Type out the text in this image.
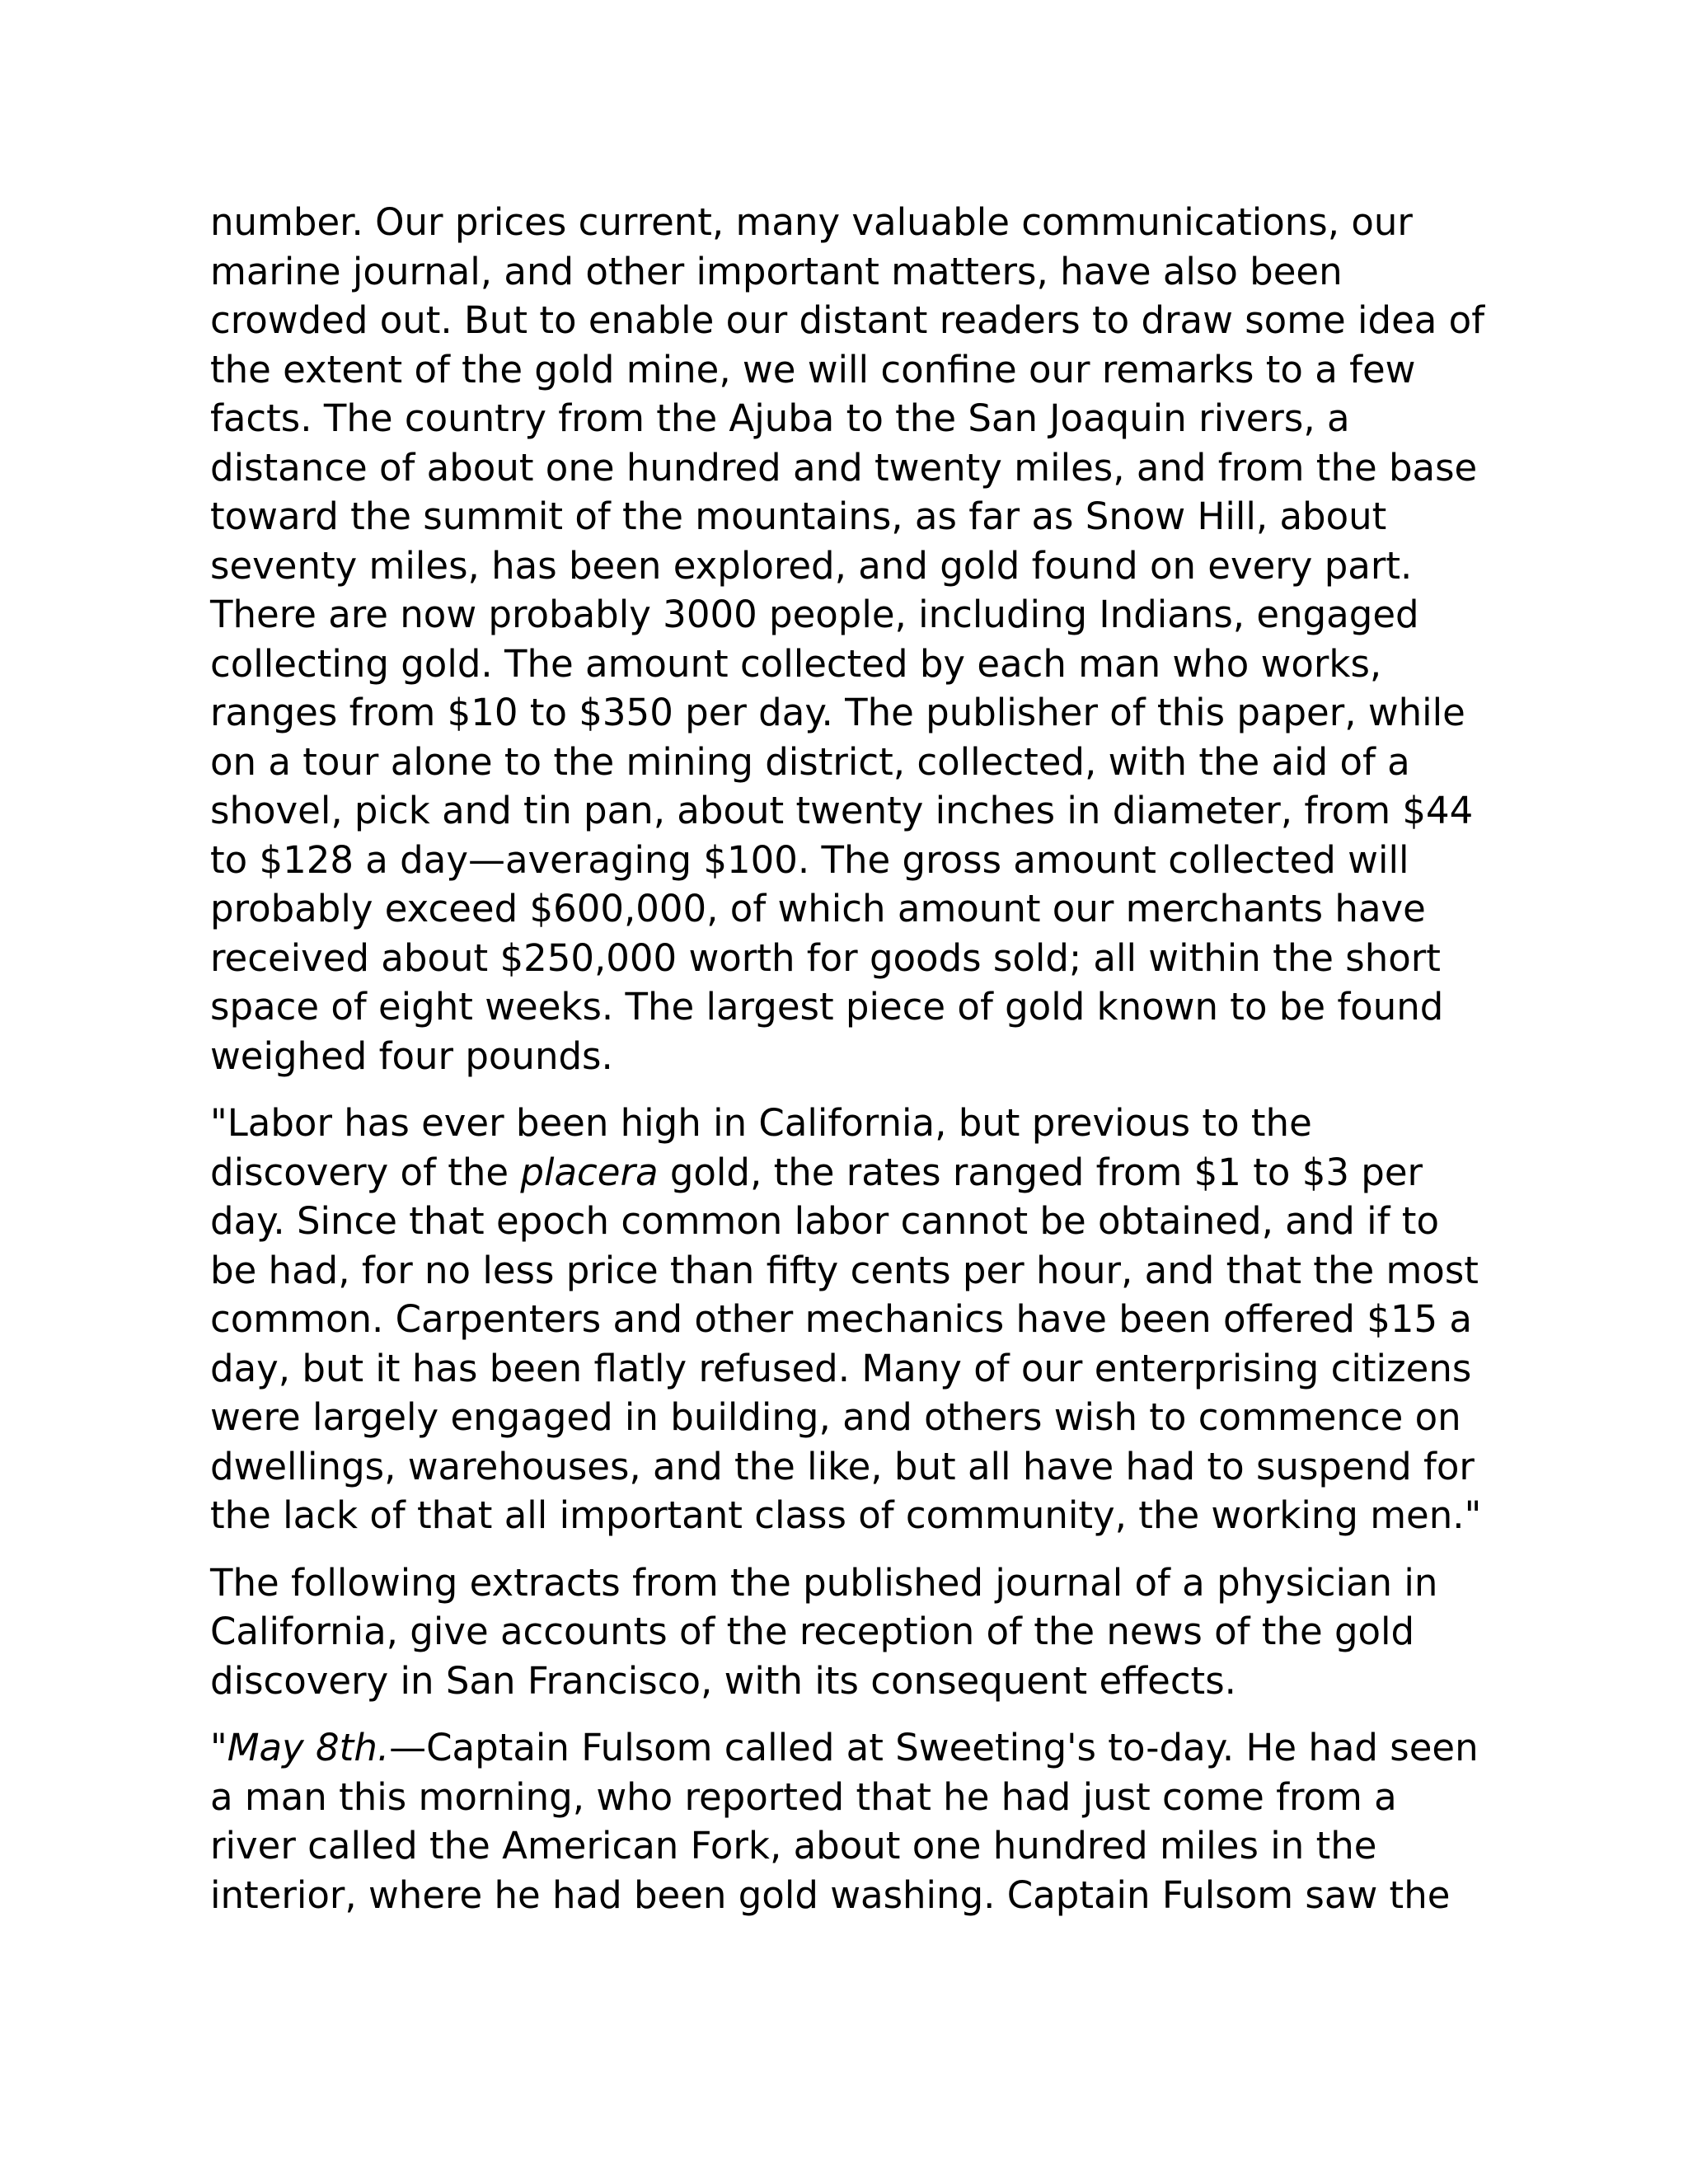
number. Our prices current, many valuable communications, our
marine journal, and other important matters, have also been
crowded out. But to enable our distant readers to draw some idea of
the extent of the gold mine, we will confine our remarks to a few
facts. The country from the Ajuba to the San Joaquin rivers, a
distance of about one hundred and twenty miles, and from the base
toward the summit of the mountains, as far as Snow Hill, about
seventy miles, has been explored, and gold found on every part.
There are now probably 3000 people, including Indians, engaged
collecting gold. The amount collected by each man who works,
ranges from $10 to $350 per day. The publisher of this paper, while
on a tour alone to the mining district, collected, with the aid of a
shovel, pick and tin pan, about twenty inches in diameter, from $44
to $128 a day—averaging $100. The gross amount collected will
probably exceed $600,000, of which amount our merchants have
received about $250,000 worth for goods sold; all within the short
space of eight weeks. The largest piece of gold known to be found
weighed four pounds.

"Labor has ever been high in California, but previous to the
discovery of the placera gold, the rates ranged from $1 to $3 per
day. Since that epoch common labor cannot be obtained, and if to
be had, for no less price than fifty cents per hour, and that the most
common. Carpenters and other mechanics have been offered $15 a
day, but it has been flatly refused. Many of our enterprising citizens
were largely engaged in building, and others wish to commence on
dwellings, warehouses, and the like, but all have had to suspend for
the lack of that all important class of community, the working men."

The following extracts from the published journal of a physician in
California, give accounts of the reception of the news of the gold
discovery in San Francisco, with its consequent effects.

"May 8th.—Captain Fulsom called at Sweeting's to-day. He had seen
a man this morning, who reported that he had just come from a
river called the American Fork, about one hundred miles in the
interior, where he had been gold washing. Captain Fulsom saw the
